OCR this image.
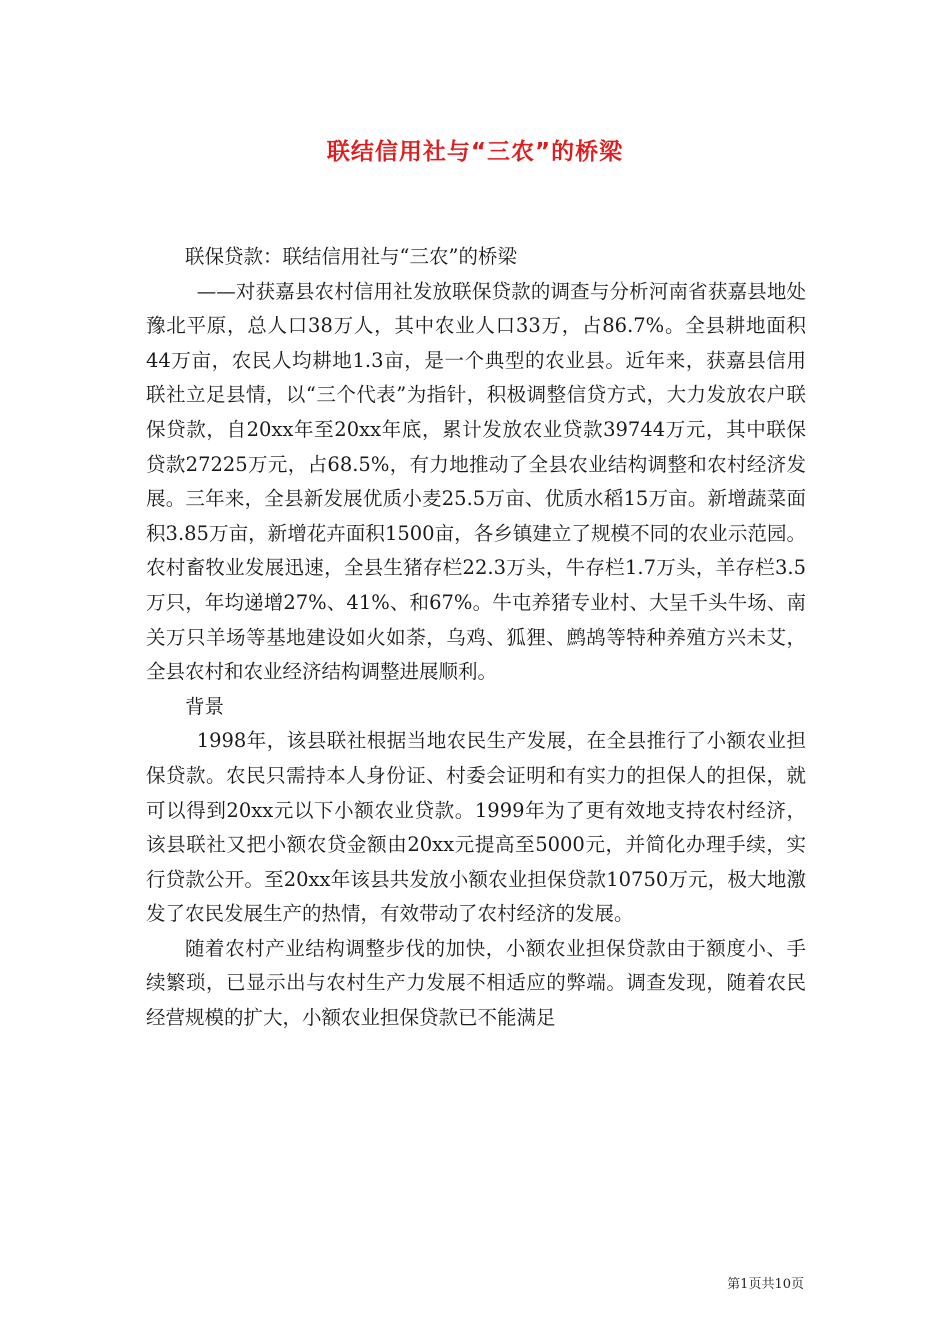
联结信用社与“三农”的桥梁

联保贷款：联结信用社与“三农”的桥梁

——对获嘉县农村信用社发放联保贷款的调查与分析河南省获嘉县地处豫北平原，总人口38万人，其中农业人口33万，占86.7%。全县耕地面积44万亩，农民人均耕地1.3亩，是一个典型的农业县。近年来，获嘉县信用联社立足县情，以“三个代表”为指针，积极调整信贷方式，大力发放农户联保贷款，自20xx年至20xx年底，累计发放农业贷款39744万元，其中联保贷款27225万元，占68.5%，有力地推动了全县农业结构调整和农村经济发展。三年来，全县新发展优质小麦25.5万亩、优质水稻15万亩。新增蔬菜面积3.85万亩，新增花卉面积1500亩，各乡镇建立了规模不同的农业示范园。农村畜牧业发展迅速，全县生猪存栏22.3万头，牛存栏1.7万头，羊存栏3.5万只，年均递增27%、41%、和67%。牛屯养猪专业村、大呈千头牛场、南关万只羊场等基地建设如火如荼，乌鸡、狐狸、鹧鸪等特种养殖方兴未艾，全县农村和农业经济结构调整进展顺利。

背景

1998年，该县联社根据当地农民生产发展，在全县推行了小额农业担保贷款。农民只需持本人身份证、村委会证明和有实力的担保人的担保，就可以得到20xx元以下小额农业贷款。1999年为了更有效地支持农村经济，该县联社又把小额农贷金额由20xx元提高至5000元，并简化办理手续，实行贷款公开。至20xx年该县共发放小额农业担保贷款10750万元，极大地激发了农民发展生产的热情，有效带动了农村经济的发展。

随着农村产业结构调整步伐的加快，小额农业担保贷款由于额度小、手续繁琐，已显示出与农村生产力发展不相适应的弊端。调查发现，随着农民经营规模的扩大，小额农业担保贷款已不能满足

第1页共10页
